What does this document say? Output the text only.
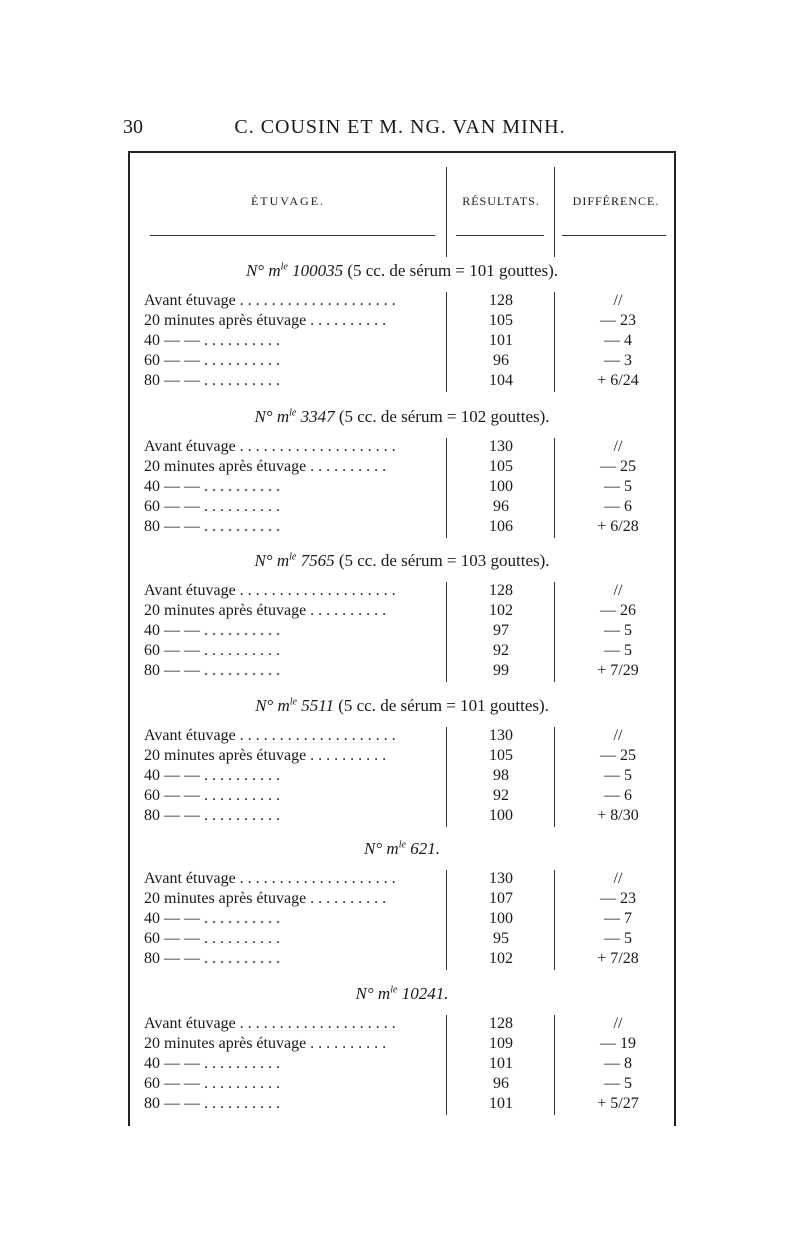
30	C. COUSIN ET M. NG. VAN MINH.
ÉTUVAGE.	RÉSULTATS.	DIFFÉRENCE.
N° $m^{le}$ 100035 (5 cc. de sérum = 101 gouttes).
Avant étuvage . . . . . . . . . . . . . . . . . . . .	128	//
20 minutes après étuvage . . . . . . . . . .	105	— 23
40 — — . . . . . . . . . .	101	— 4
60 — — . . . . . . . . . .	96	— 3
80 — — . . . . . . . . . .	104	+ 6/24
N° $m^{le}$ 3347 (5 cc. de sérum = 102 gouttes).
Avant étuvage . . . . . . . . . . . . . . . . . . . .	130	//
20 minutes après étuvage . . . . . . . . . .	105	— 25
40 — — . . . . . . . . . .	100	— 5
60 — — . . . . . . . . . .	96	— 6
80 — — . . . . . . . . . .	106	+ 6/28
N° $m^{le}$ 7565 (5 cc. de sérum = 103 gouttes).
Avant étuvage . . . . . . . . . . . . . . . . . . . .	128	//
20 minutes après étuvage . . . . . . . . . .	102	— 26
40 — — . . . . . . . . . .	97	— 5
60 — — . . . . . . . . . .	92	— 5
80 — — . . . . . . . . . .	99	+ 7/29
N° $m^{le}$ 5511 (5 cc. de sérum = 101 gouttes).
Avant étuvage . . . . . . . . . . . . . . . . . . . .	130	//
20 minutes après étuvage . . . . . . . . . .	105	— 25
40 — — . . . . . . . . . .	98	— 5
60 — — . . . . . . . . . .	92	— 6
80 — — . . . . . . . . . .	100	+ 8/30
N° $m^{le}$ 621.
Avant étuvage . . . . . . . . . . . . . . . . . . . .	130	//
20 minutes après étuvage . . . . . . . . . .	107	— 23
40 — — . . . . . . . . . .	100	— 7
60 — — . . . . . . . . . .	95	— 5
80 — — . . . . . . . . . .	102	+ 7/28
N° $m^{le}$ 10241.
Avant étuvage . . . . . . . . . . . . . . . . . . . .	128	//
20 minutes après étuvage . . . . . . . . . .	109	— 19
40 — — . . . . . . . . . .	101	— 8
60 — — . . . . . . . . . .	96	— 5
80 — — . . . . . . . . . .	101	+ 5/27
